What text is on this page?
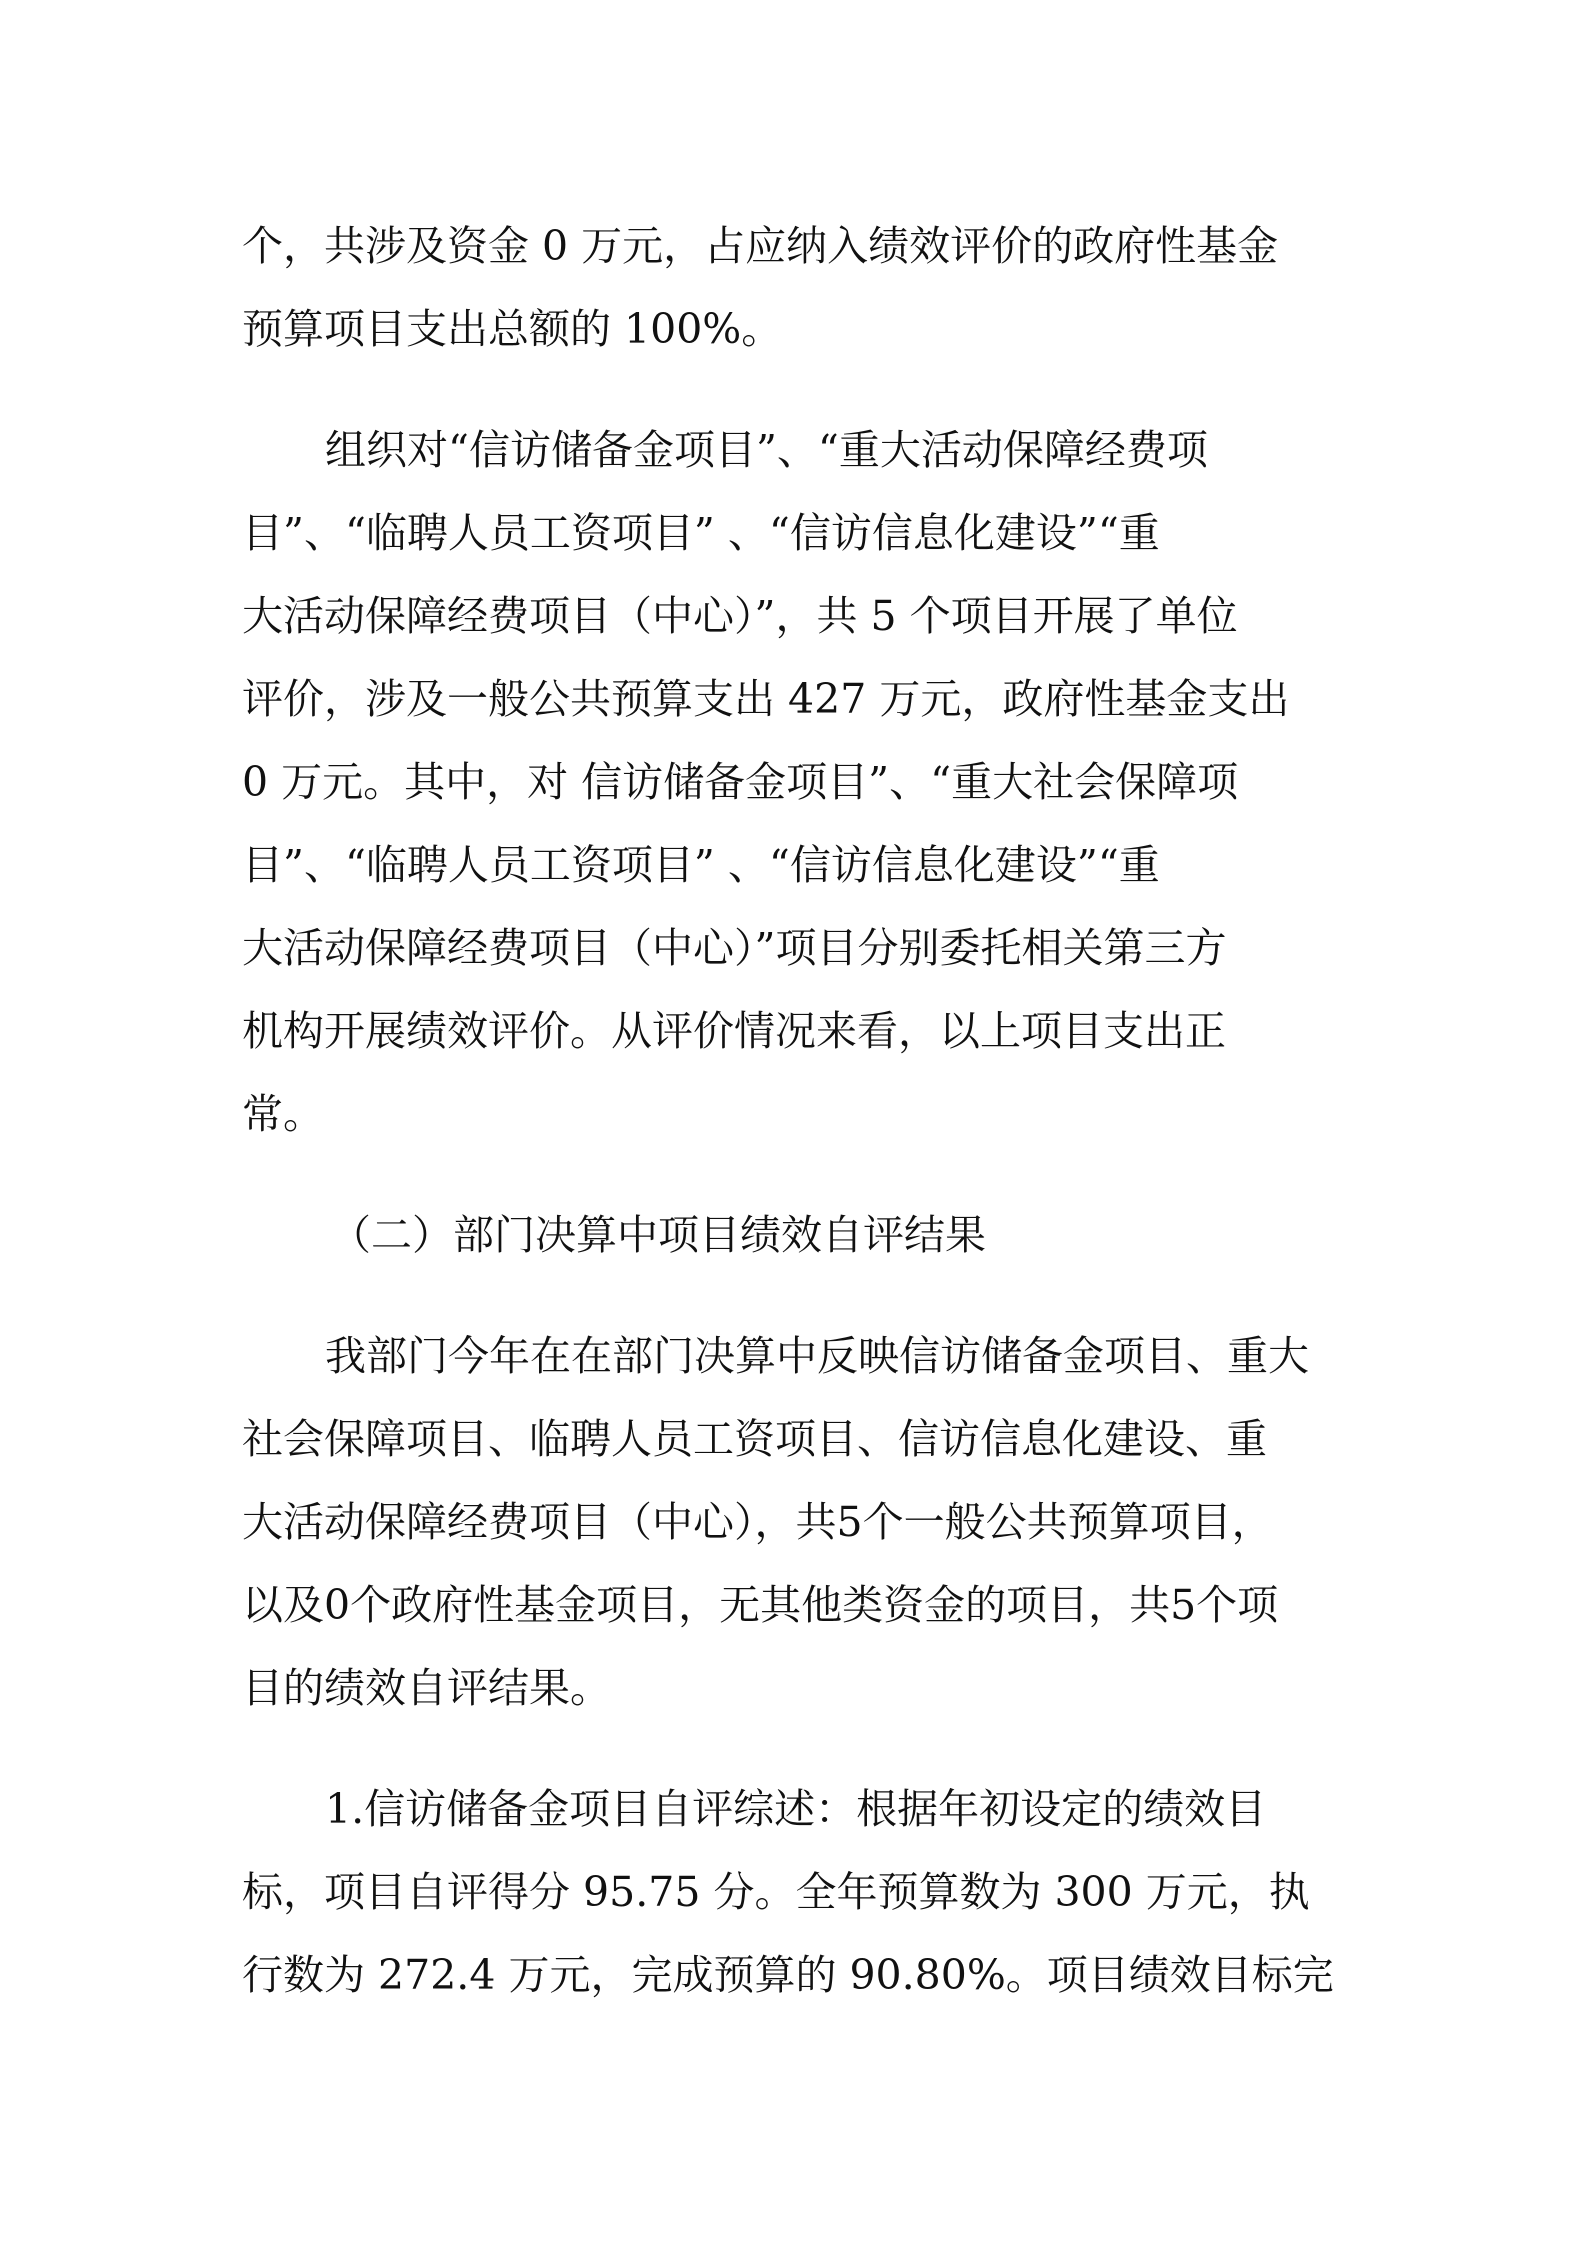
个，共涉及资金 0 万元，占应纳入绩效评价的政府性基金

预算项目支出总额的 100%。

组织对“信访储备金项目”、“重大活动保障经费项

目”、“临聘人员工资项目” 、“信访信息化建设”“重

大活动保障经费项目（中心）”，共 5 个项目开展了单位

评价，涉及一般公共预算支出 427 万元，政府性基金支出

0 万元。其中，对 信访储备金项目”、“重大社会保障项

目”、“临聘人员工资项目” 、“信访信息化建设”“重

大活动保障经费项目（中心）”项目分别委托相关第三方

机构开展绩效评价。从评价情况来看，以上项目支出正

常。

（二）部门决算中项目绩效自评结果

我部门今年在在部门决算中反映信访储备金项目、重大

社会保障项目、临聘人员工资项目、信访信息化建设、重

大活动保障经费项目（中心），共5个一般公共预算项目，

以及0个政府性基金项目，无其他类资金的项目，共5个项

目的绩效自评结果。

1.信访储备金项目自评综述：根据年初设定的绩效目

标，项目自评得分 95.75 分。全年预算数为 300 万元，执

行数为 272.4 万元，完成预算的 90.80%。项目绩效目标完
